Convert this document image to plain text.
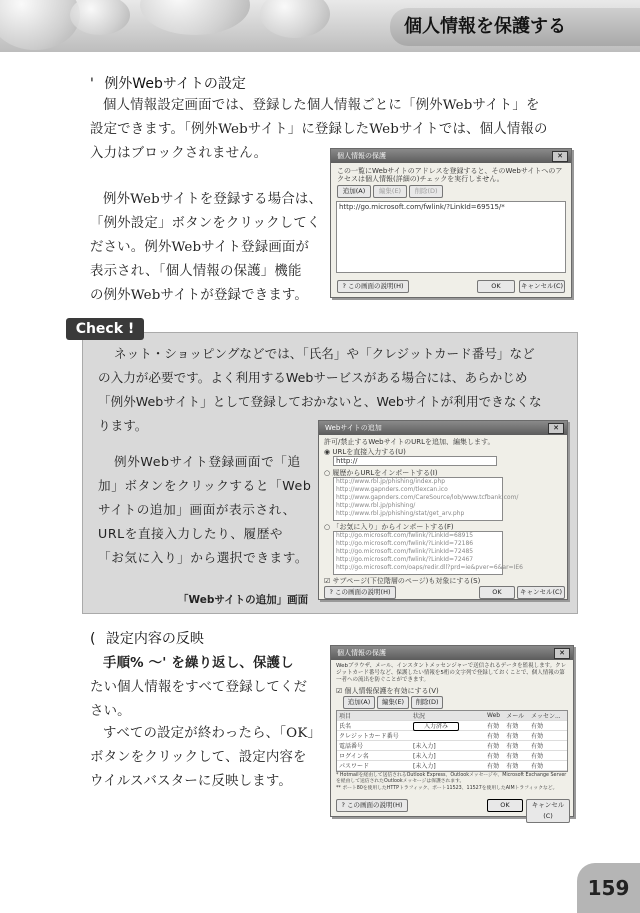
個人情報を保護する
' 例外Webサイトの設定
個人情報設定画面では、登録した個人情報ごとに「例外Webサイト」を
設定できます。「例外Webサイト」に登録したWebサイトでは、個人情報の
入力はブロックされません。
例外Webサイトを登録する場合は、
「例外設定」ボタンをクリックしてく
ださい。例外Webサイト登録画面が
表示され、「個人情報の保護」機能
の例外Webサイトが登録できます。
個人情報の保護	✕
この一覧にWebサイトのアドレスを登録すると、そのWebサイトへのアクセスは個人情報(詳細の)チェックを実行しません。
追加(A)	編集(E)	削除(D)
http://go.microsoft.com/fwlink/?LinkId=69515/*
? この画面の説明(H)	OK	キャンセル(C)
Check !
ネット・ショッピングなどでは、「氏名」や「クレジットカード番号」など
の入力が必要です。よく利用するWebサービスがある場合には、あらかじめ
「例外Webサイト」として登録しておかないと、Webサイトが利用できなくな
ります。
例外Webサイト登録画面で「追
加」ボタンをクリックすると「Web
サイトの追加」画面が表示され、
URLを直接入力したり、履歴や
「お気に入り」から選択できます。
「Webサイトの追加」画面
Webサイトの追加	✕
許可/禁止するWebサイトのURLを追加、編集します。
◉ URLを直接入力する(U)
http://
○ 履歴からURLをインポートする(I)
http://www.rbl.jp/phishing/index.php
http://www.gapnders.com/tlexcan.ico
http://www.gapnders.com/CareSource/lob/www.tcfbank.com/
http://www.rbl.jp/phishing/
http://www.rbl.jp/phishing/stat/get_arv.php
○ 「お気に入り」からインポートする(F)
http://go.microsoft.com/fwlink/?LinkId=68915
http://go.microsoft.com/fwlink/?LinkId=72186
http://go.microsoft.com/fwlink/?LinkId=72485
http://go.microsoft.com/fwlink/?LinkId=72467
http://go.microsoft.com/oaps/redir.dll?prd=ie&pver=6&ar=IE6
☑ サブページ(下位階層のページ)も対象にする(S)
? この画面の説明(H)	OK	キャンセル(C)
( 設定内容の反映
手順% ～' を繰り返し、保護し
たい個人情報をすべて登録してくだ
さい。
すべての設定が終わったら、「OK」
ボタンをクリックして、設定内容を
ウイルスバスターに反映します。
個人情報の保護	✕
Webブラウザ、メール、インスタントメッセンジャーで送信されるデータを監視します。クレジットカード番号など、保護したい情報を5桁の文字列で登録しておくことで、個人情報の第一者への流出を防ぐことができます。
☑ 個人情報保護を有効にする(V)
追加(A)	編集(E)	削除(D)
項目	状況	Web	メール	メッセン...
氏名	入力済み	有効	有効	有効
クレジットカード番号		有効	有効	有効
電話番号	[未入力]	有効	有効	有効
ログイン名	[未入力]	有効	有効	有効
パスワード	[未入力]	有効	有効	有効
* Hotmailを経由して送信されるOutlook Express、Outlookメッセージや、Microsoft Exchange Serverを経由して送信されたOutlookメッセージは保護されます。
** ポート80を使用したHTTPトラフィック、ポート11523、11527を使用したAIMトラフィックなど。
? この画面の説明(H)	OK	キャンセル(C)
159
